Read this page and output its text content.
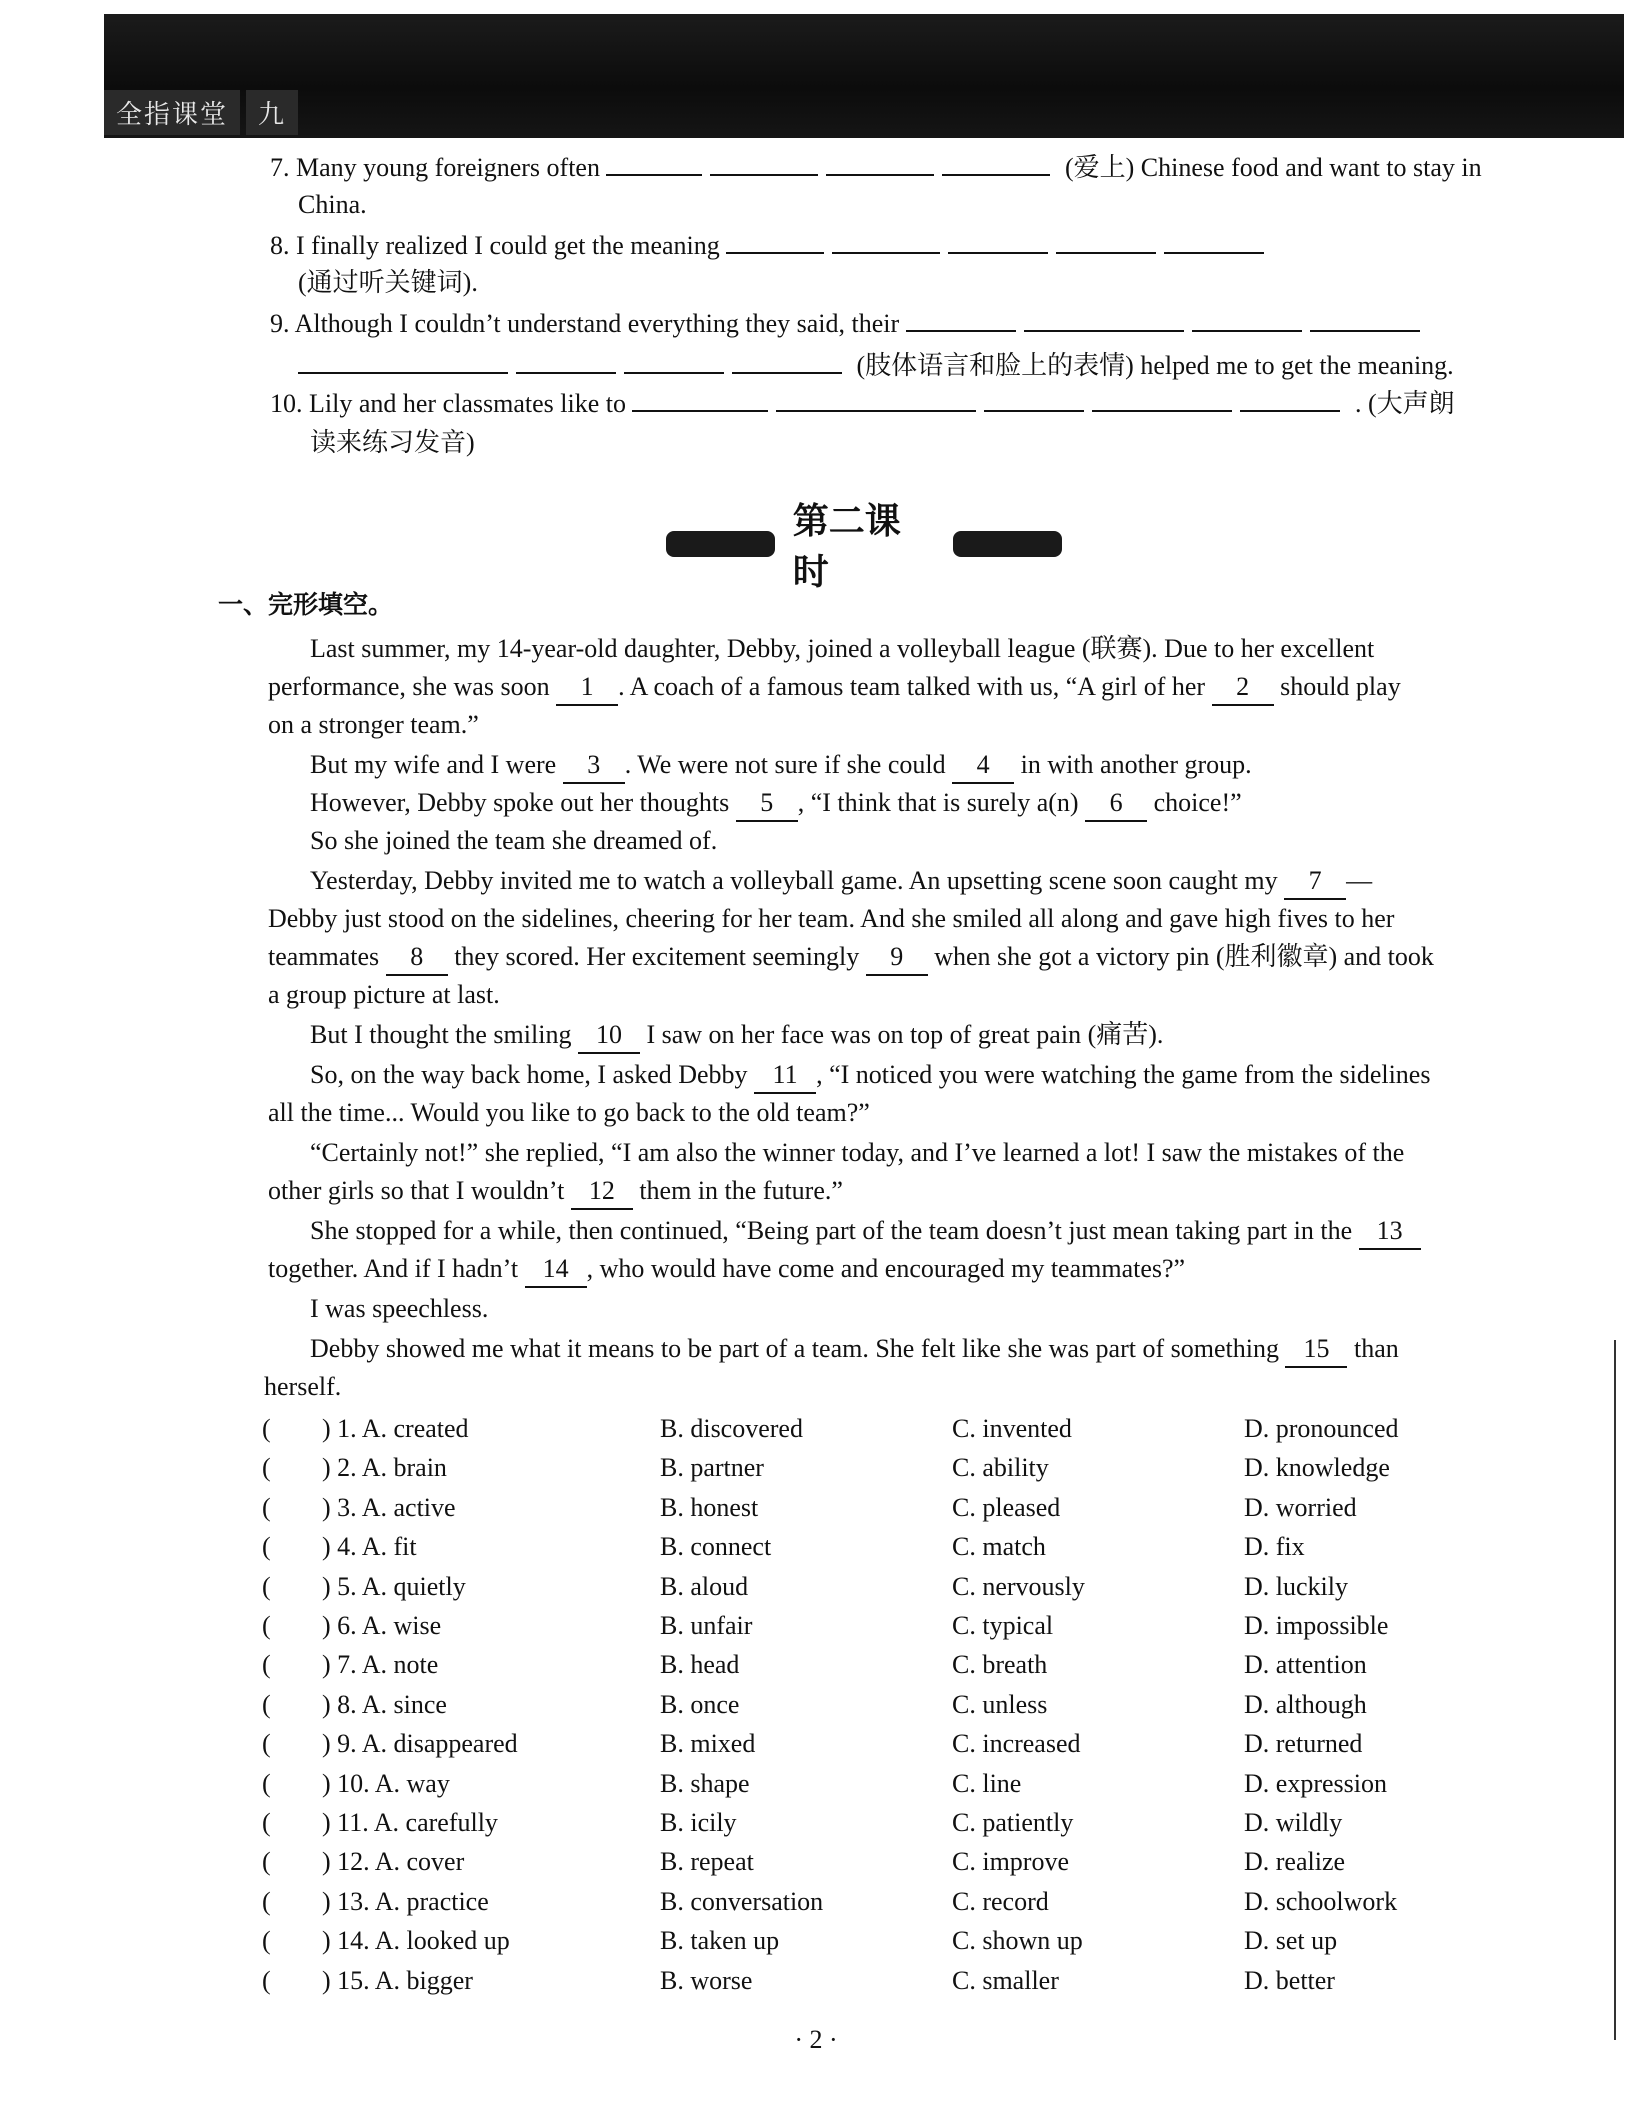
全指课堂	九
7. Many young foreigners often	(爱上) Chinese food and want to stay in
China.
8. I finally realized I could get the meaning
(通过听关键词).
9. Although I couldn’t understand everything they said, their
(肢体语言和脸上的表情) helped me to get the meaning.
10. Lily and her classmates like to	. (大声朗
读来练习发音)
第二课时
一、完形填空。
Last summer, my 14-year-old daughter, Debby, joined a volleyball league (联赛). Due to her excellent
performance, she was soon 1 . A coach of a famous team talked with us, “A girl of her 2 should play
on a stronger team.”
But my wife and I were 3 . We were not sure if she could 4 in with another group.
However, Debby spoke out her thoughts 5 , “I think that is surely a(n) 6 choice!”
So she joined the team she dreamed of.
Yesterday, Debby invited me to watch a volleyball game. An upsetting scene soon caught my 7 —
Debby just stood on the sidelines, cheering for her team. And she smiled all along and gave high fives to her
teammates 8 they scored. Her excitement seemingly 9 when she got a victory pin (胜利徽章) and took
a group picture at last.
But I thought the smiling 10 I saw on her face was on top of great pain (痛苦).
So, on the way back home, I asked Debby 11 , “I noticed you were watching the game from the sidelines
all the time... Would you like to go back to the old team?”
“Certainly not!” she replied, “I am also the winner today, and I’ve learned a lot! I saw the mistakes of the
other girls so that I wouldn’t 12 them in the future.”
She stopped for a while, then continued, “Being part of the team doesn’t just mean taking part in the 13
together. And if I hadn’t 14 , who would have come and encouraged my teammates?”
I was speechless.
Debby showed me what it means to be part of a team. She felt like she was part of something 15 than
herself.
( ) 1. A. created	B. discovered	C. invented	D. pronounced
( ) 2. A. brain	B. partner	C. ability	D. knowledge
( ) 3. A. active	B. honest	C. pleased	D. worried
( ) 4. A. fit	B. connect	C. match	D. fix
( ) 5. A. quietly	B. aloud	C. nervously	D. luckily
( ) 6. A. wise	B. unfair	C. typical	D. impossible
( ) 7. A. note	B. head	C. breath	D. attention
( ) 8. A. since	B. once	C. unless	D. although
( ) 9. A. disappeared	B. mixed	C. increased	D. returned
( ) 10. A. way	B. shape	C. line	D. expression
( ) 11. A. carefully	B. icily	C. patiently	D. wildly
( ) 12. A. cover	B. repeat	C. improve	D. realize
( ) 13. A. practice	B. conversation	C. record	D. schoolwork
( ) 14. A. looked up	B. taken up	C. shown up	D. set up
( ) 15. A. bigger	B. worse	C. smaller	D. better
· 2 ·
